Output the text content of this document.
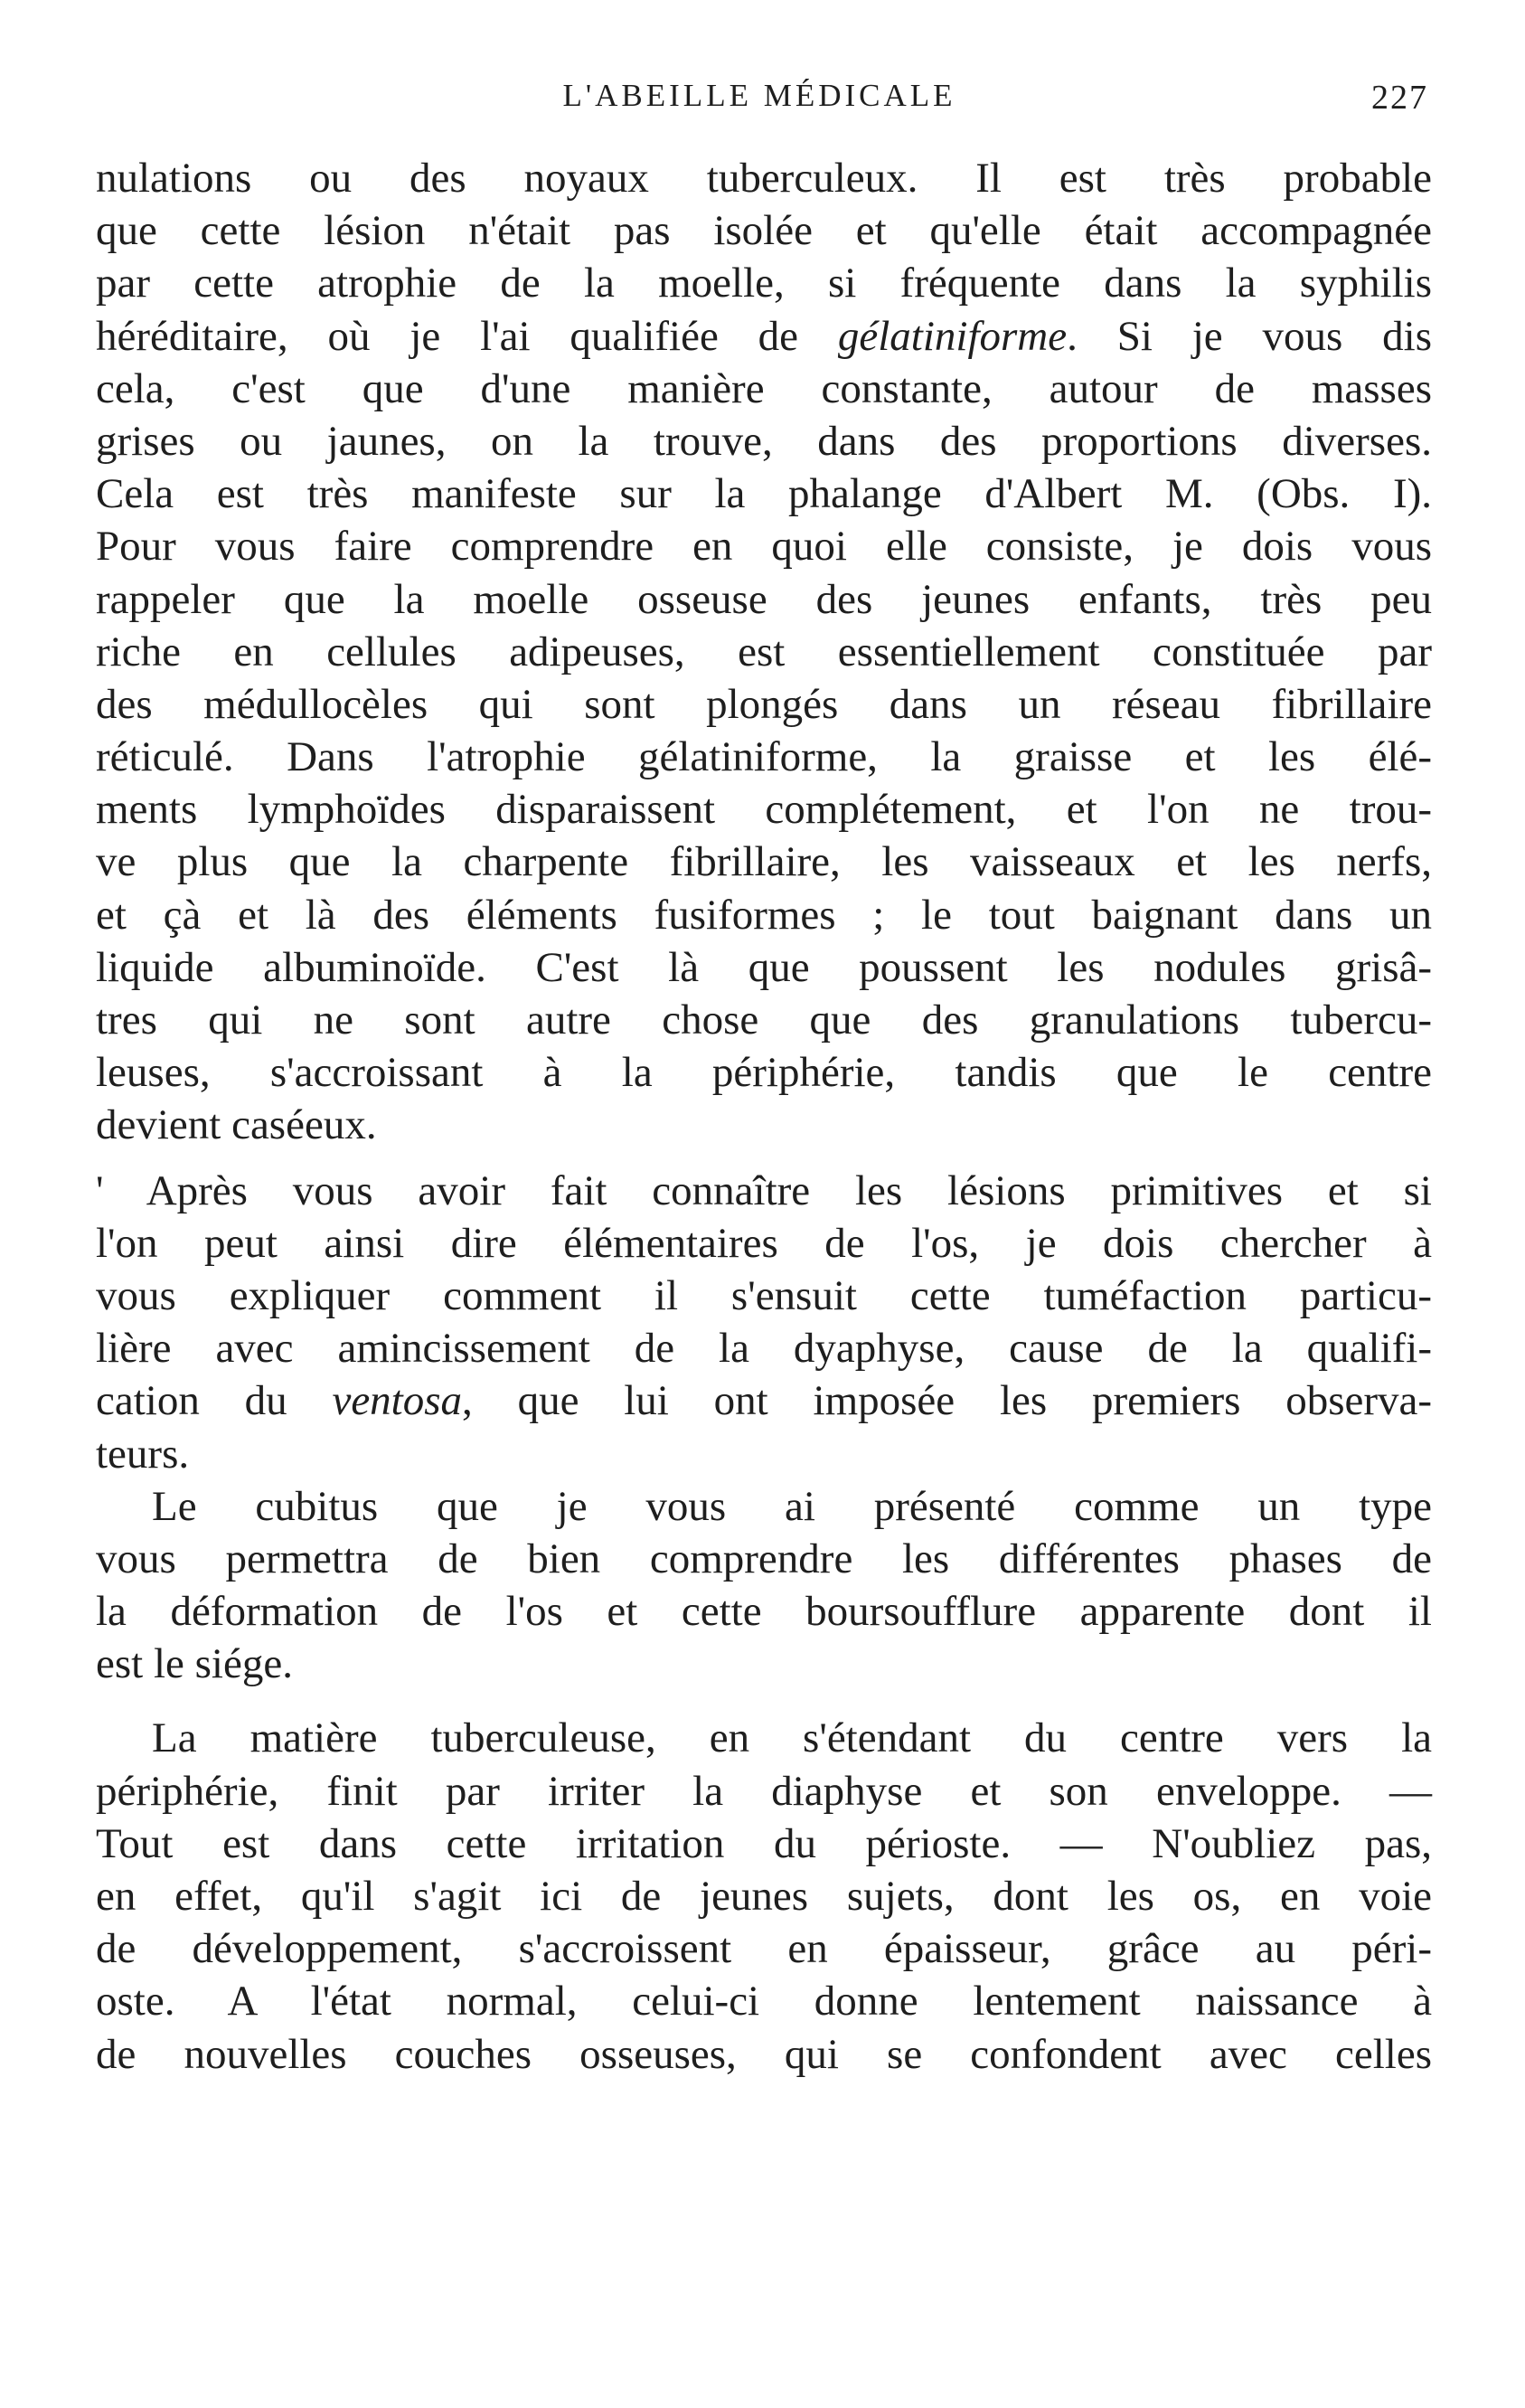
L'ABEILLE MÉDICALE	227
nulations ou des noyaux tuberculeux. Il est très probable
que cette lésion n'était pas isolée et qu'elle était accompagnée
par cette atrophie de la moelle, si fréquente dans la syphilis
héréditaire, où je l'ai qualifiée de gélatiniforme. Si je vous dis
cela, c'est que d'une manière constante, autour de masses
grises ou jaunes, on la trouve, dans des proportions diverses.
Cela est très manifeste sur la phalange d'Albert M. (Obs. I).
Pour vous faire comprendre en quoi elle consiste, je dois vous
rappeler que la moelle osseuse des jeunes enfants, très peu
riche en cellules adipeuses, est essentiellement constituée par
des médullocèles qui sont plongés dans un réseau fibrillaire
réticulé. Dans l'atrophie gélatiniforme, la graisse et les élé-
ments lymphoïdes disparaissent complétement, et l'on ne trou-
ve plus que la charpente fibrillaire, les vaisseaux et les nerfs,
et çà et là des éléments fusiformes ; le tout baignant dans un
liquide albuminoïde. C'est là que poussent les nodules grisâ-
tres qui ne sont autre chose que des granulations tubercu-
leuses, s'accroissant à la périphérie, tandis que le centre
devient caséeux.
' Après vous avoir fait connaître les lésions primitives et si
l'on peut ainsi dire élémentaires de l'os, je dois chercher à
vous expliquer comment il s'ensuit cette tuméfaction particu-
lière avec amincissement de la dyaphyse, cause de la qualifi-
cation du ventosa, que lui ont imposée les premiers observa-
teurs.
Le cubitus que je vous ai présenté comme un type
vous permettra de bien comprendre les différentes phases de
la déformation de l'os et cette boursoufflure apparente dont il
est le siége.
La matière tuberculeuse, en s'étendant du centre vers la
périphérie, finit par irriter la diaphyse et son enveloppe. —
Tout est dans cette irritation du périoste. — N'oubliez pas,
en effet, qu'il s'agit ici de jeunes sujets, dont les os, en voie
de développement, s'accroissent en épaisseur, grâce au péri-
oste. A l'état normal, celui-ci donne lentement naissance à
de nouvelles couches osseuses, qui se confondent avec celles
